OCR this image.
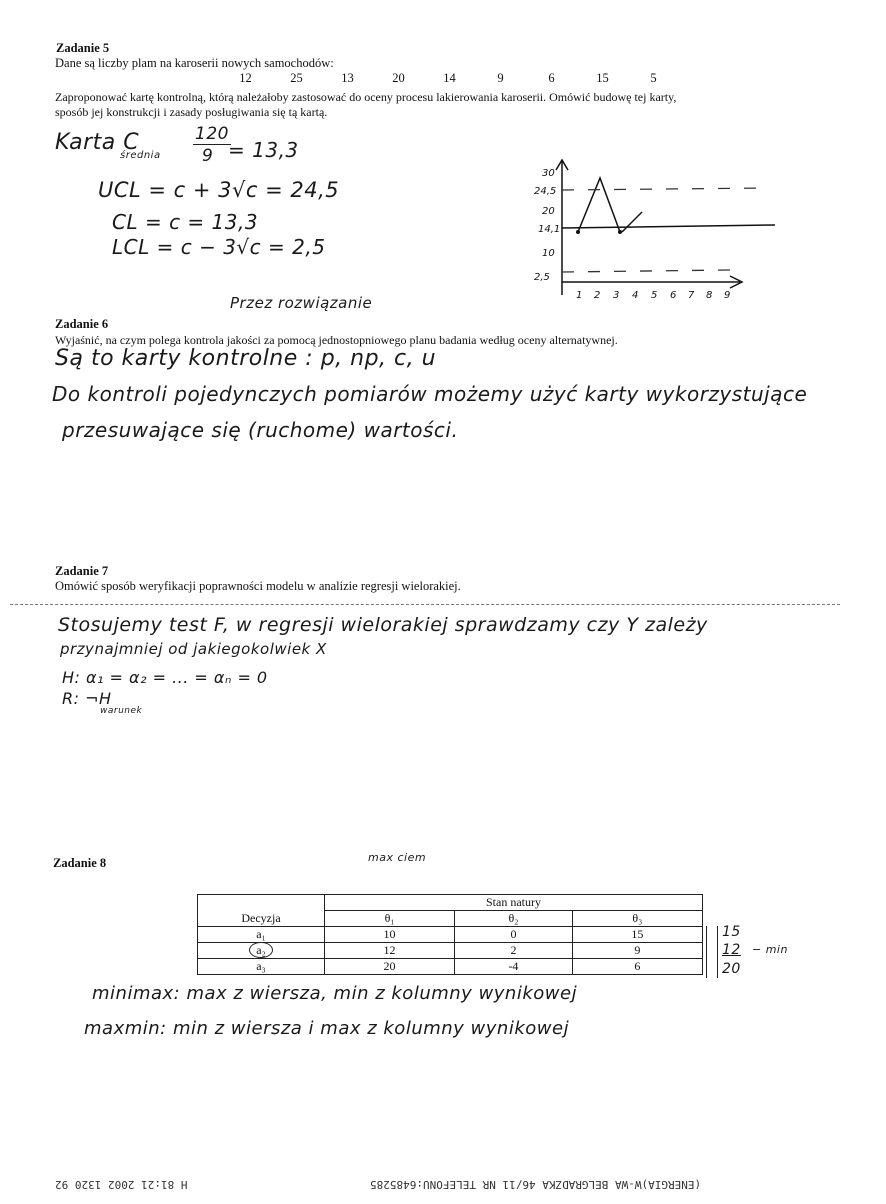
Zadanie 5
Dane są liczby plam na karoserii nowych samochodów:
12	25	13	20	14	9	6	15	5
Zaproponować kartę kontrolną, którą należałoby zastosować do oceny procesu lakierowania karoserii. Omówić budowę tej karty,
sposób jej konstrukcji i zasady posługiwania się tą kartą.
Karta C
średnia
120
9 = 13,3
UCL = c + 3√c = 24,5
CL = c = 13,3
LCL = c − 3√c = 2,5
Przez rozwiązanie
30
24,5
20
14,1
10
2,5
1 2 3 4 5 6 7 8 9
Zadanie 6
Wyjaśnić, na czym polega kontrola jakości za pomocą jednostopniowego planu badania według oceny alternatywnej.
Są to karty kontrolne : p, np, c, u
Do kontroli pojedynczych pomiarów możemy użyć karty wykorzystujące
przesuwające się (ruchome) wartości.
Zadanie 7
Omówić sposób weryfikacji poprawności modelu w analizie regresji wielorakiej.
Stosujemy test F, w regresji wielorakiej sprawdzamy czy Y zależy
przynajmniej od jakiegokolwiek X
H: α₁ = α₂ = ... = αₙ = 0
R: ¬H
warunek
max ciem
Zadanie 8
	Stan natury		
Decyzja	θ₁	θ₂	θ₃
a₁	10	0	15
a₂	12	2	9
a₃	20	-4	6
15
12
20
− min
minimax: max z wiersza, min z kolumny wynikowej
maxmin: min z wiersza i max z kolumny wynikowej
H 81:21 2002 1320 92	(ENERGIA)W-WA BELGRADZKA 46/11 NR TELEFONU:6485285
